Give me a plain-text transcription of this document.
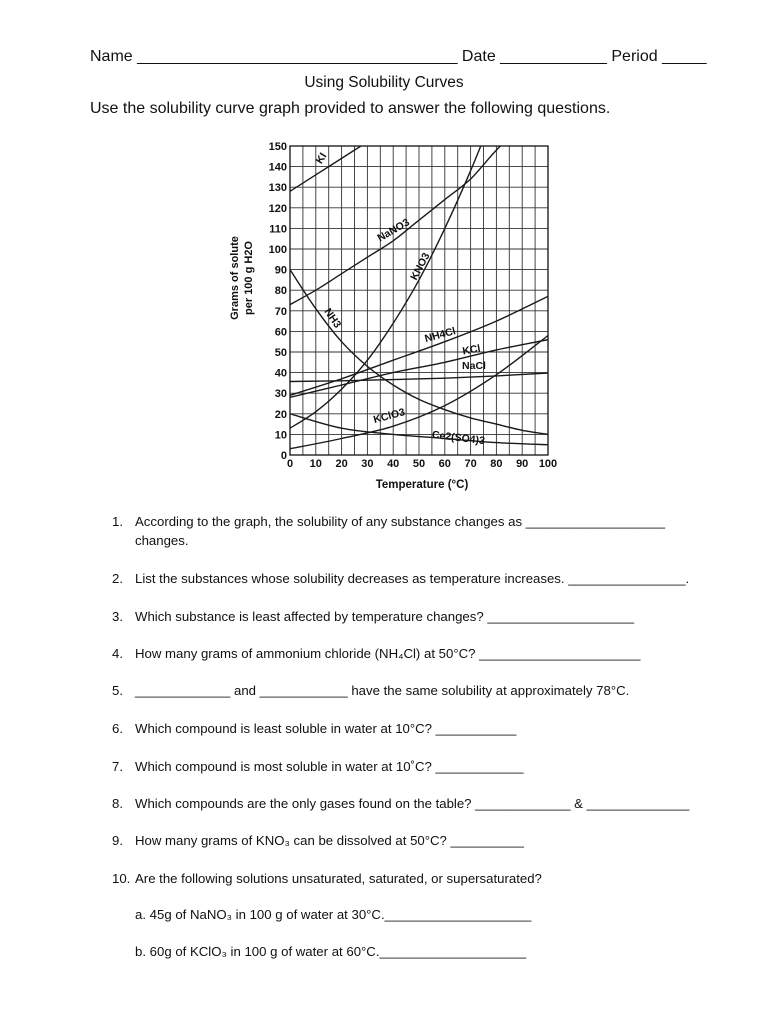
Name ____________________________________ Date ____________ Period _____
Using Solubility Curves
Use the solubility curve graph provided to answer the following questions.
0
10
20
30
40
50
60
70
80
90
100
110
120
130
140
150
0 10 20 30 40 50 60 70 80 90 100
Temperature (°C)
Grams of solute per 100 g H2O
KI
NaNO3
KNO3
NH4Cl
KCl
NaCl
NH3
KClO3
Ce2(SO4)3
1. According to the graph, the solubility of any substance changes as ___________________ changes.
2. List the substances whose solubility decreases as temperature increases. ________________.
3. Which substance is least affected by temperature changes? ____________________
4. How many grams of ammonium chloride (NH₄Cl) at 50°C? ______________________
5. _____________ and ____________ have the same solubility at approximately 78°C.
6. Which compound is least soluble in water at 10°C? ___________
7. Which compound is most soluble in water at 10˚C? ____________
8. Which compounds are the only gases found on the table? _____________ & ______________
9. How many grams of KNO₃ can be dissolved at 50°C? __________
10. Are the following solutions unsaturated, saturated, or supersaturated?
a. 45g of NaNO₃ in 100 g of water at 30°C.____________________
b. 60g of KClO₃ in 100 g of water at 60°C.____________________
